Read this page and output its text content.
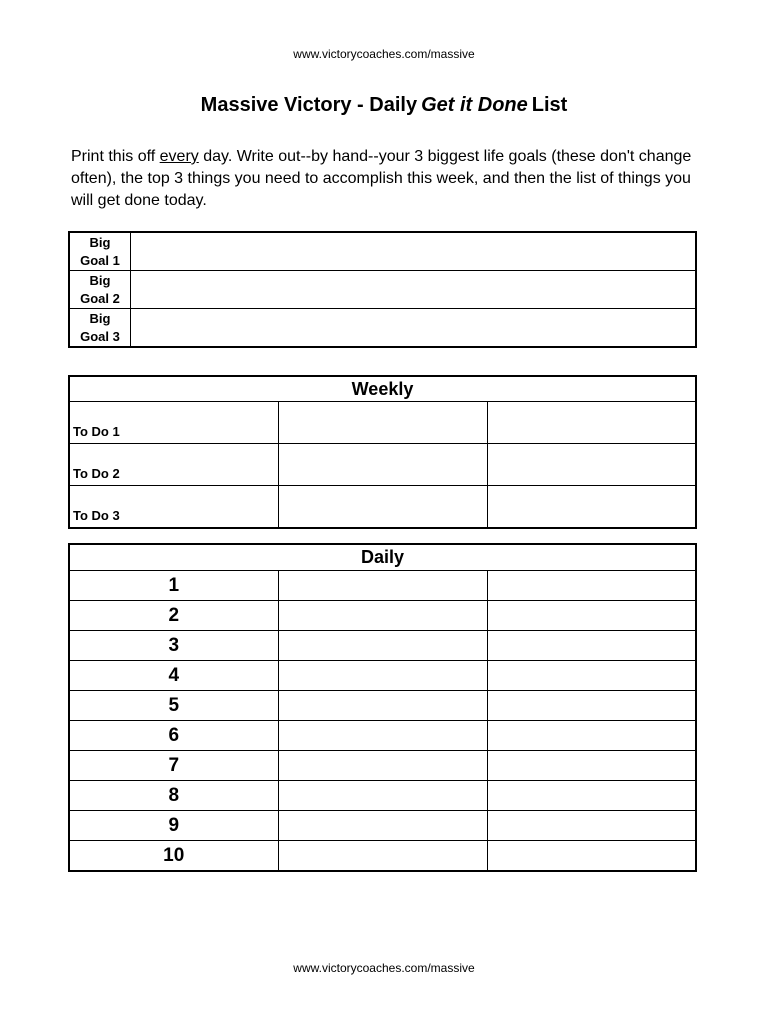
www.victorycoaches.com/massive
Massive Victory - Daily Get it Done List
Print this off every day. Write out--by hand--your 3 biggest life goals (these don't change often), the top 3 things you need to accomplish this week, and then the list of things you will get done today.
Big
Goal 1	

Big
Goal 2	

Big
Goal 3	

Weekly		
To Do 1		
To Do 2		
To Do 3		
Daily		
1		
2		
3		
4		
5		
6		
7		
8		
9		
10		
www.victorycoaches.com/massive
